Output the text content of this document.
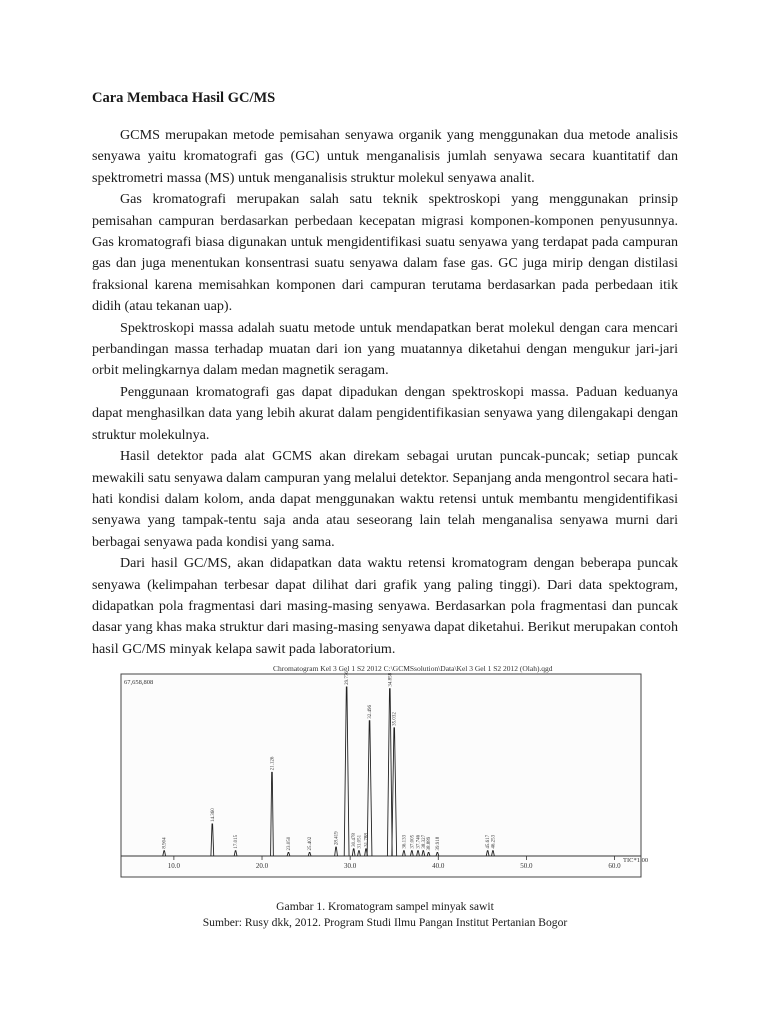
Cara Membaca Hasil GC/MS

GCMS merupakan metode pemisahan senyawa organik yang menggunakan dua metode analisis senyawa yaitu kromatografi gas (GC) untuk menganalisis jumlah senyawa secara kuantitatif dan spektrometri massa (MS) untuk menganalisis struktur molekul senyawa analit.

Gas kromatografi merupakan salah satu teknik spektroskopi yang menggunakan prinsip pemisahan campuran berdasarkan perbedaan kecepatan migrasi komponen-komponen penyusunnya. Gas kromatografi biasa digunakan untuk mengidentifikasi suatu senyawa yang terdapat pada campuran gas dan juga menentukan konsentrasi suatu senyawa dalam fase gas. GC juga mirip dengan distilasi fraksional karena memisahkan komponen dari campuran terutama berdasarkan pada perbedaan itik didih (atau tekanan uap).

Spektroskopi massa adalah suatu metode untuk mendapatkan berat molekul dengan cara mencari perbandingan massa terhadap muatan dari ion yang muatannya diketahui dengan mengukur jari-jari orbit melingkarnya dalam medan magnetik seragam.

Penggunaan kromatografi gas dapat dipadukan dengan spektroskopi massa. Paduan keduanya dapat menghasilkan data yang lebih akurat dalam pengidentifikasian senyawa yang dilengakapi dengan struktur molekulnya.

Hasil detektor pada alat GCMS akan direkam sebagai urutan puncak-puncak; setiap puncak mewakili satu senyawa dalam campuran yang melalui detektor. Sepanjang anda mengontrol secara hati-hati kondisi dalam kolom, anda dapat menggunakan waktu retensi untuk membantu mengidentifikasi senyawa yang tampak-tentu saja anda atau seseorang lain telah menganalisa senyawa murni dari berbagai senyawa pada kondisi yang sama.

Dari hasil GC/MS, akan didapatkan data waktu retensi kromatogram dengan beberapa puncak senyawa (kelimpahan terbesar dapat dilihat dari grafik yang paling tinggi). Dari data spektogram, didapatkan pola fragmentasi dari masing-masing senyawa. Berdasarkan pola fragmentasi dan puncak dasar yang khas maka struktur dari masing-masing senyawa dapat diketahui. Berikut merupakan contoh hasil GC/MS minyak kelapa sawit pada laboratorium.

Chromatogram Kel 3 Gel 1 S2 2012 C:\GCMSsolution\Data\Kel 3 Gel 1 S2 2012 (Olah).qgd
67,658,808
TIC*1.00
8.904
14.360
17.015
21.126
23.050	25.402	28.419
29.776
30.478 31.051 31.788
32.496
34.858
35.032
36.133 37.005 37.746 38.327 38.889 39.918	45.617 46.253
10.0	20.0	30.0	40.0	50.0	60.0
Gambar 1. Kromatogram sampel minyak sawit
Sumber: Rusy dkk, 2012. Program Studi Ilmu Pangan Institut Pertanian Bogor
